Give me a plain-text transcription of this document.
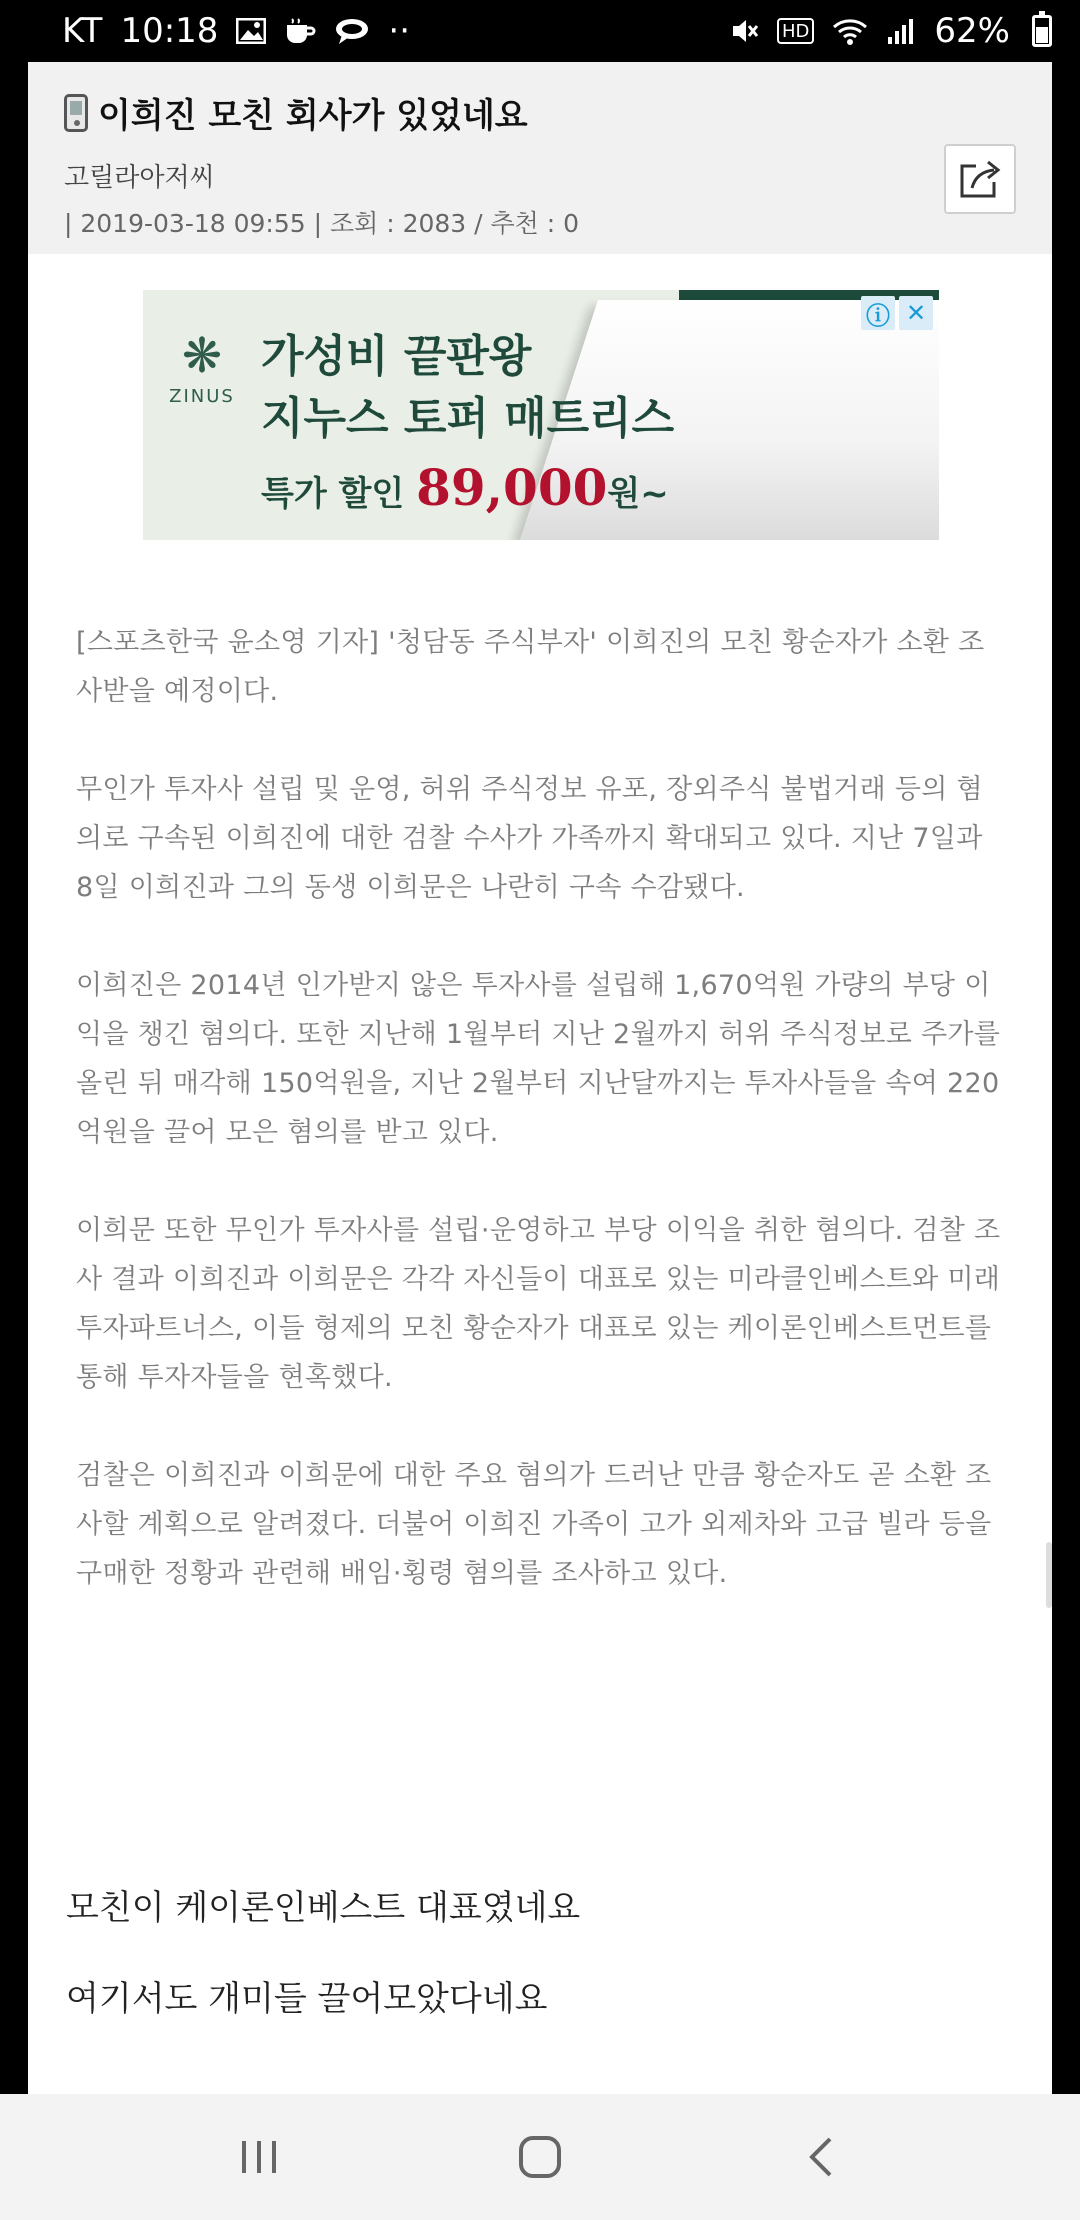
KT 10:18	··	HD	62%
이희진 모친 회사가 있었네요
고릴라아저씨
| 2019-03-18 09:55 | 조회 : 2083 / 추천 : 0
❋
ZINUS
가성비 끝판왕
지누스 토퍼 매트리스
특가 할인 89,000원~
ⓘ ✕

[스포츠한국 윤소영 기자] '청담동 주식부자' 이희진의 모친 황순자가 소환 조사받을 예정이다.

무인가 투자사 설립 및 운영, 허위 주식정보 유포, 장외주식 불법거래 등의 혐의로 구속된 이희진에 대한 검찰 수사가 가족까지 확대되고 있다. 지난 7일과 8일 이희진과 그의 동생 이희문은 나란히 구속 수감됐다.

이희진은 2014년 인가받지 않은 투자사를 설립해 1,670억원 가량의 부당 이익을 챙긴 혐의다. 또한 지난해 1월부터 지난 2월까지 허위 주식정보로 주가를 올린 뒤 매각해 150억원을, 지난 2월부터 지난달까지는 투자사들을 속여 220억원을 끌어 모은 혐의를 받고 있다.

이희문 또한 무인가 투자사를 설립·운영하고 부당 이익을 취한 혐의다. 검찰 조사 결과 이희진과 이희문은 각각 자신들이 대표로 있는 미라클인베스트와 미래투자파트너스, 이들 형제의 모친 황순자가 대표로 있는 케이론인베스트먼트를 통해 투자자들을 현혹했다.

검찰은 이희진과 이희문에 대한 주요 혐의가 드러난 만큼 황순자도 곧 소환 조사할 계획으로 알려졌다. 더불어 이희진 가족이 고가 외제차와 고급 빌라 등을 구매한 정황과 관련해 배임·횡령 혐의를 조사하고 있다.

모친이 케이론인베스트 대표였네요

여기서도 개미들 끌어모았다네요
